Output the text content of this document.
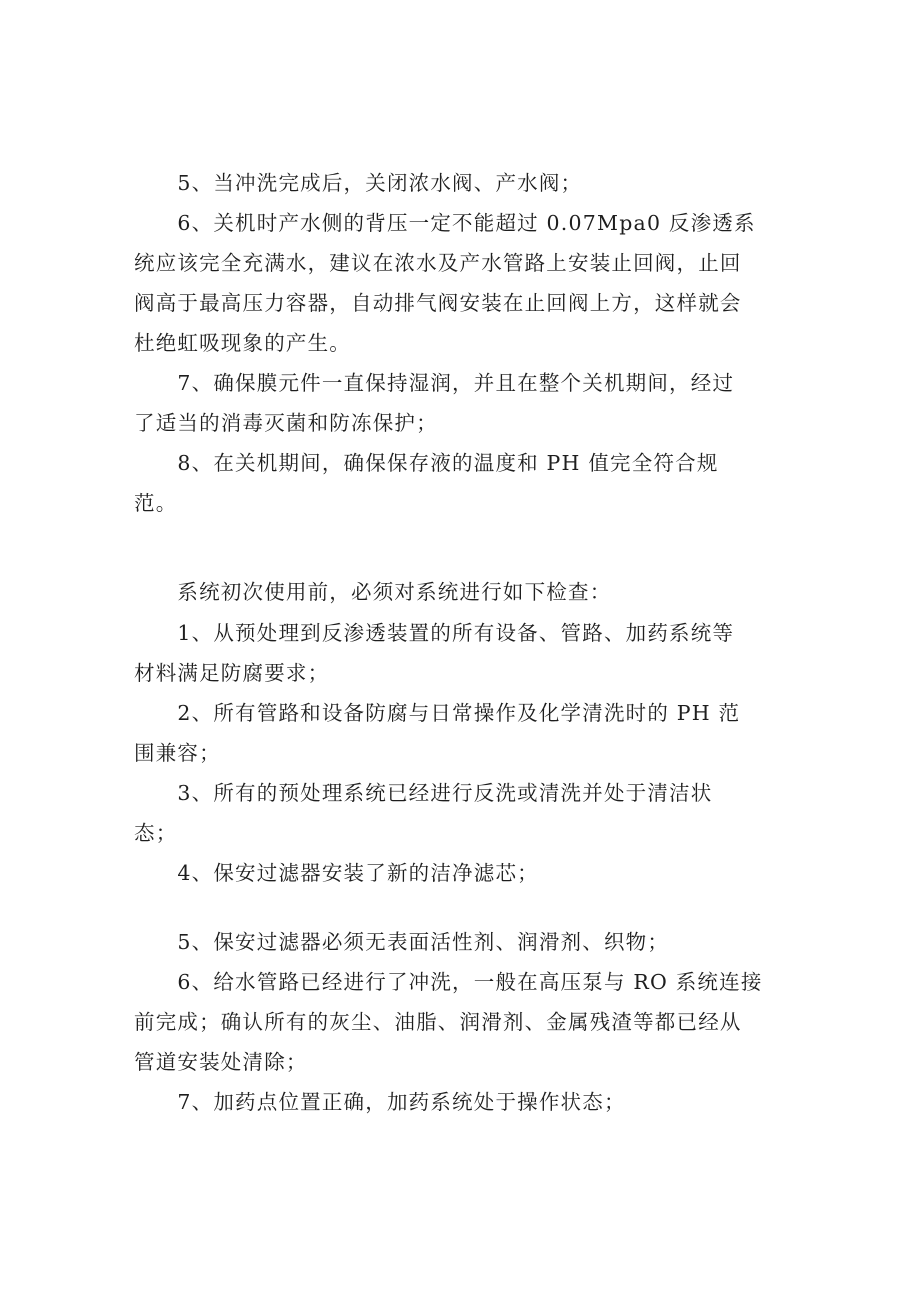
　　5、当冲洗完成后，关闭浓水阀、产水阀；
　　6、关机时产水侧的背压一定不能超过 0.07Mpa0 反渗透系
统应该完全充满水，建议在浓水及产水管路上安装止回阀，止回
阀高于最高压力容器，自动排气阀安装在止回阀上方，这样就会
杜绝虹吸现象的产生。
　　7、确保膜元件一直保持湿润，并且在整个关机期间，经过
了适当的消毒灭菌和防冻保护；
　　8、在关机期间，确保保存液的温度和 PH 值完全符合规
范。
　　系统初次使用前，必须对系统进行如下检查：
　　1、从预处理到反渗透装置的所有设备、管路、加药系统等
材料满足防腐要求；
　　2、所有管路和设备防腐与日常操作及化学清洗时的 PH 范
围兼容；
　　3、所有的预处理系统已经进行反洗或清洗并处于清洁状
态；
　　4、保安过滤器安装了新的洁净滤芯；
　　5、保安过滤器必须无表面活性剂、润滑剂、织物；
　　6、给水管路已经进行了冲洗，一般在高压泵与 RO 系统连接
前完成；确认所有的灰尘、油脂、润滑剂、金属残渣等都已经从
管道安装处清除；
　　7、加药点位置正确，加药系统处于操作状态；
